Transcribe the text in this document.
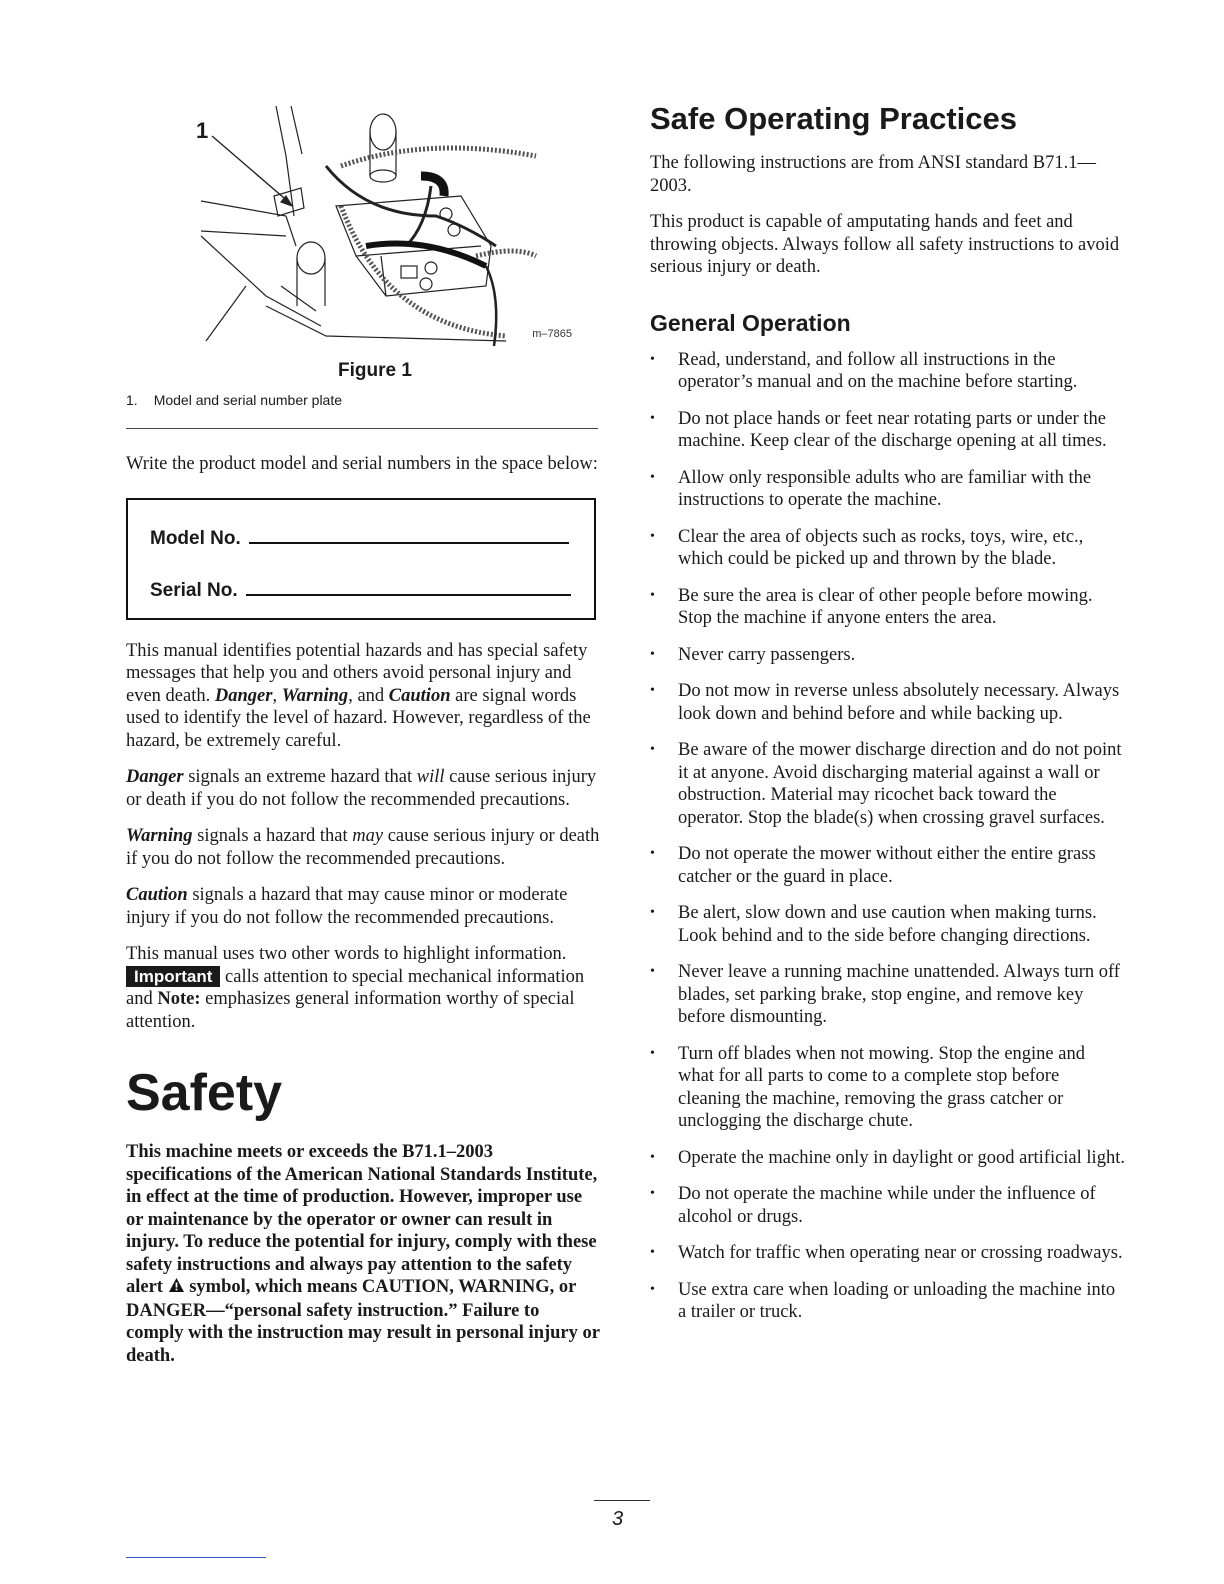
1
m–7865
Figure 1
1. Model and serial number plate

Write the product model and serial numbers in the space below:

Model No.
Serial No.

This manual identifies potential hazards and has special safety messages that help you and others avoid personal injury and even death. Danger, Warning, and Caution are signal words used to identify the level of hazard. However, regardless of the hazard, be extremely careful.

Danger signals an extreme hazard that will cause serious injury or death if you do not follow the recommended precautions.

Warning signals a hazard that may cause serious injury or death if you do not follow the recommended precautions.

Caution signals a hazard that may cause minor or moderate injury if you do not follow the recommended precautions.

This manual uses two other words to highlight information.
Important calls attention to special mechanical information and Note: emphasizes general information worthy of special attention.

Safety

This machine meets or exceeds the B71.1–2003 specifications of the American National Standards Institute, in effect at the time of production. However, improper use or maintenance by the operator or owner can result in injury. To reduce the potential for injury, comply with these safety instructions and always pay attention to the safety alert  symbol, which means CAUTION, WARNING, or DANGER—“personal safety instruction.” Failure to comply with the instruction may result in personal injury or death.

Safe Operating Practices

The following instructions are from ANSI standard B71.1—2003.

This product is capable of amputating hands and feet and throwing objects. Always follow all safety instructions to avoid serious injury or death.

General Operation
• Read, understand, and follow all instructions in the operator’s manual and on the machine before starting.
• Do not place hands or feet near rotating parts or under the machine. Keep clear of the discharge opening at all times.
• Allow only responsible adults who are familiar with the instructions to operate the machine.
• Clear the area of objects such as rocks, toys, wire, etc., which could be picked up and thrown by the blade.
• Be sure the area is clear of other people before mowing. Stop the machine if anyone enters the area.
• Never carry passengers.
• Do not mow in reverse unless absolutely necessary. Always look down and behind before and while backing up.
• Be aware of the mower discharge direction and do not point it at anyone. Avoid discharging material against a wall or obstruction. Material may ricochet back toward the operator. Stop the blade(s) when crossing gravel surfaces.
• Do not operate the mower without either the entire grass catcher or the guard in place.
• Be alert, slow down and use caution when making turns. Look behind and to the side before changing directions.
• Never leave a running machine unattended. Always turn off blades, set parking brake, stop engine, and remove key before dismounting.
• Turn off blades when not mowing. Stop the engine and what for all parts to come to a complete stop before cleaning the machine, removing the grass catcher or unclogging the discharge chute.
• Operate the machine only in daylight or good artificial light.
• Do not operate the machine while under the influence of alcohol or drugs.
• Watch for traffic when operating near or crossing roadways.
• Use extra care when loading or unloading the machine into a trailer or truck.
3
